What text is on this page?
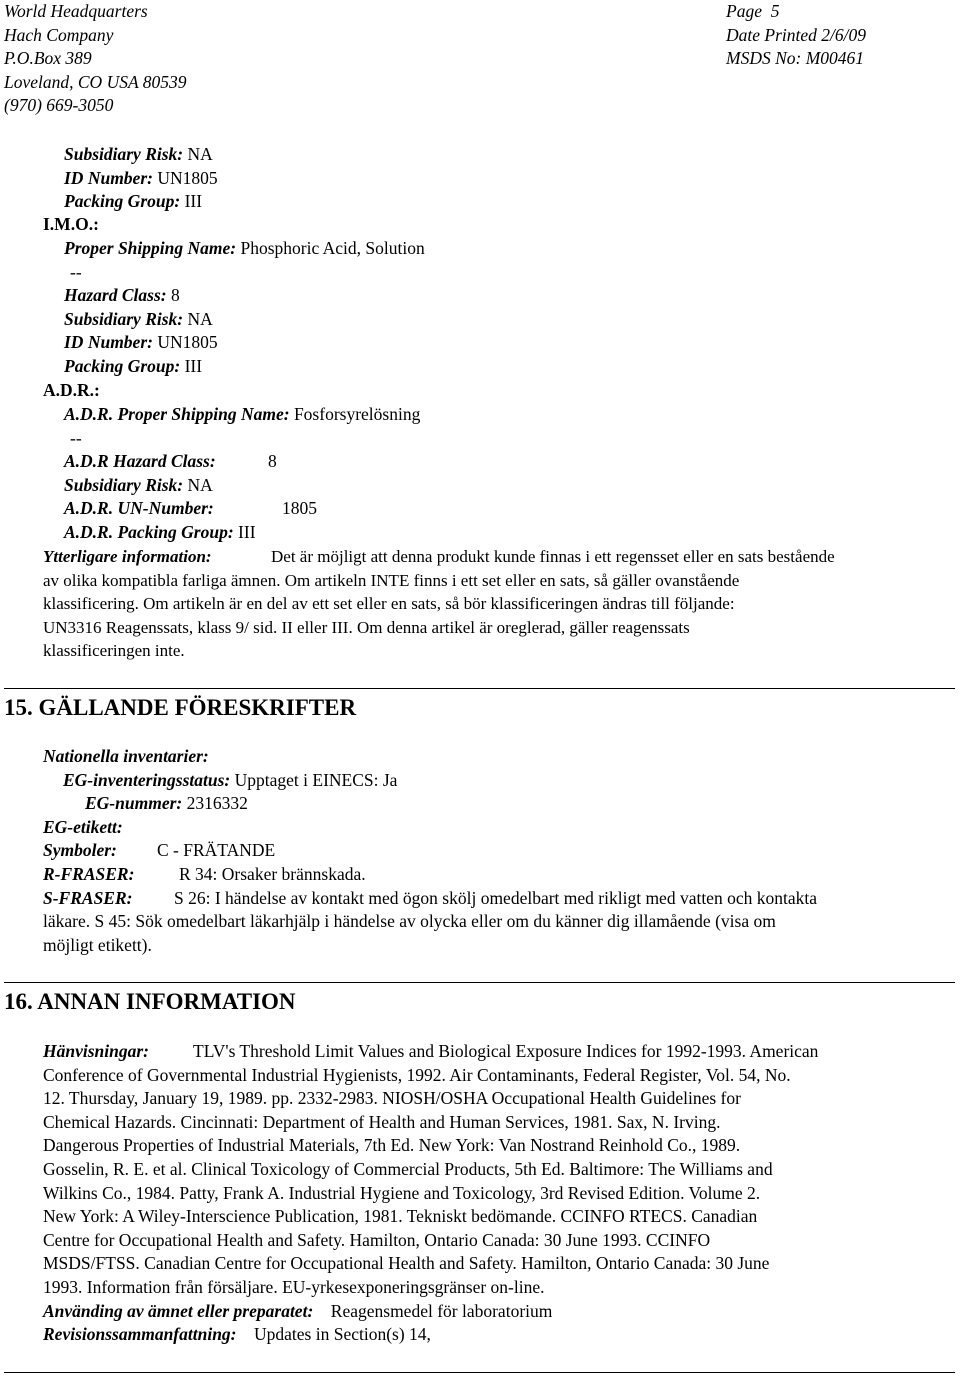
World Headquarters
Hach Company
P.O.Box 389
Loveland, CO USA 80539
(970) 669-3050
Page 5
Date Printed 2/6/09
MSDS No: M00461
Subsidiary Risk: NA
ID Number: UN1805
Packing Group: III
I.M.O.:
Proper Shipping Name: Phosphoric Acid, Solution
--
Hazard Class: 8
Subsidiary Risk: NA
ID Number: UN1805
Packing Group: III
A.D.R.:
A.D.R. Proper Shipping Name: Fosforsyrelösning
--
A.D.R Hazard Class:	8
Subsidiary Risk: NA
A.D.R. UN-Number:	1805
A.D.R. Packing Group: III
Ytterligare information:	Det är möjligt att denna produkt kunde finnas i ett regensset eller en sats bestående
av olika kompatibla farliga ämnen. Om artikeln INTE finns i ett set eller en sats, så gäller ovanstående
klassificering. Om artikeln är en del av ett set eller en sats, så bör klassificeringen ändras till följande:
UN3316 Reagenssats, klass 9/ sid. II eller III. Om denna artikel är oreglerad, gäller reagenssats
klassificeringen inte.
15. GÄLLANDE FÖRESKRIFTER
Nationella inventarier:
EG-inventeringsstatus: Upptaget i EINECS: Ja
EG-nummer: 2316332
EG-etikett:
Symboler: C - FRÄTANDE
R-FRASER:	R 34: Orsaker brännskada.
S-FRASER: S 26: I händelse av kontakt med ögon skölj omedelbart med rikligt med vatten och kontakta
läkare. S 45: Sök omedelbart läkarhjälp i händelse av olycka eller om du känner dig illamående (visa om
möjligt etikett).
16. ANNAN INFORMATION
Hänvisningar:	TLV's Threshold Limit Values and Biological Exposure Indices for 1992-1993. American
Conference of Governmental Industrial Hygienists, 1992. Air Contaminants, Federal Register, Vol. 54, No.
12. Thursday, January 19, 1989. pp. 2332-2983. NIOSH/OSHA Occupational Health Guidelines for
Chemical Hazards. Cincinnati: Department of Health and Human Services, 1981. Sax, N. Irving.
Dangerous Properties of Industrial Materials, 7th Ed. New York: Van Nostrand Reinhold Co., 1989.
Gosselin, R. E. et al. Clinical Toxicology of Commercial Products, 5th Ed. Baltimore: The Williams and
Wilkins Co., 1984. Patty, Frank A. Industrial Hygiene and Toxicology, 3rd Revised Edition. Volume 2.
New York: A Wiley-Interscience Publication, 1981. Tekniskt bedömande. CCINFO RTECS. Canadian
Centre for Occupational Health and Safety. Hamilton, Ontario Canada: 30 June 1993. CCINFO
MSDS/FTSS. Canadian Centre for Occupational Health and Safety. Hamilton, Ontario Canada: 30 June
1993. Information från försäljare. EU-yrkesexponeringsgränser on-line.
Använding av ämnet eller preparatet: Reagensmedel för laboratorium
Revisionssammanfattning: Updates in Section(s) 14,
